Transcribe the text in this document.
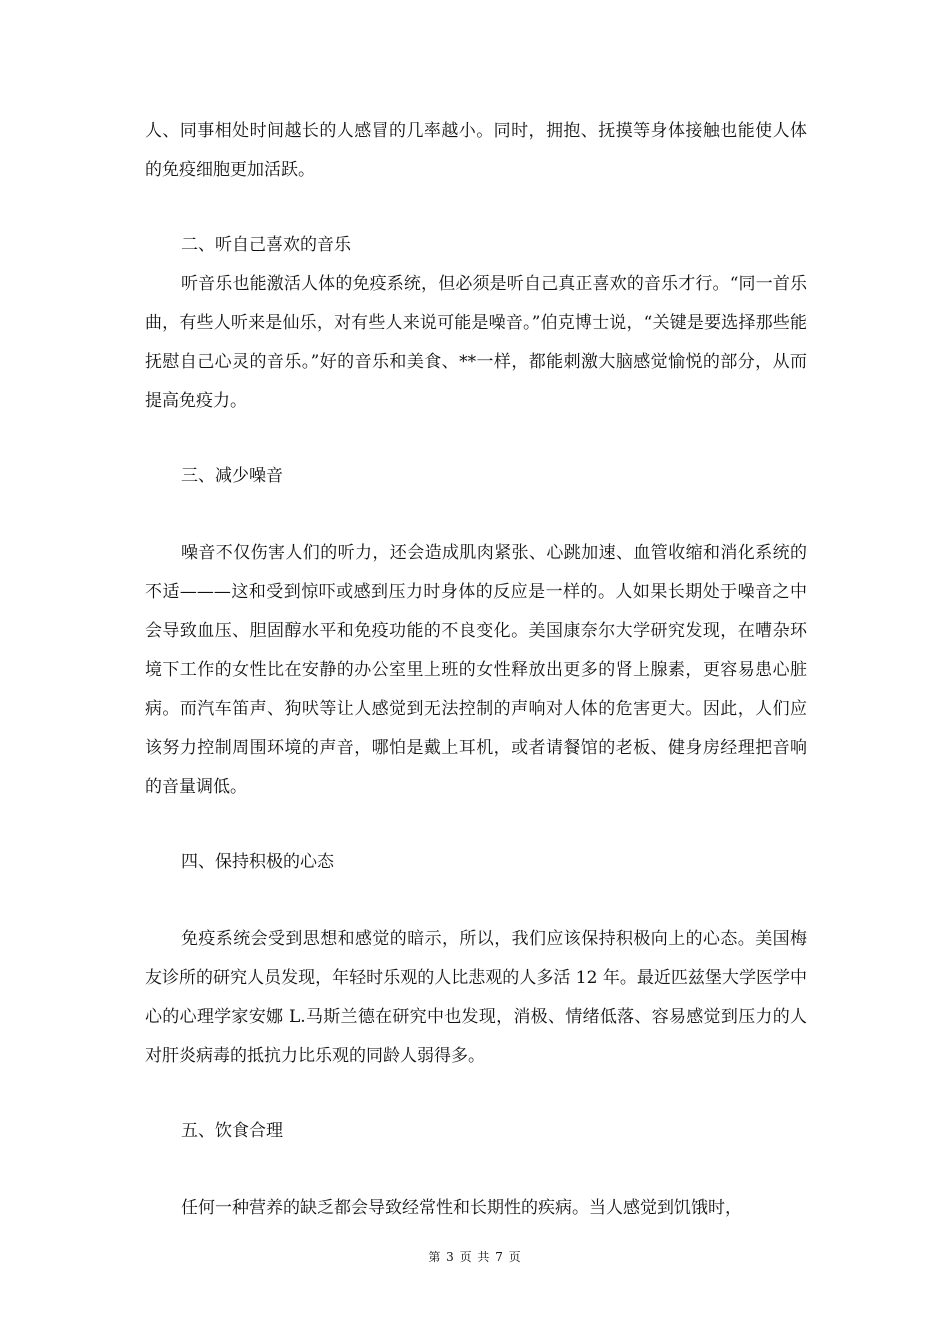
人、同事相处时间越长的人感冒的几率越小。同时，拥抱、抚摸等身体接触也能使人体的免疫细胞更加活跃。

二、听自己喜欢的音乐

听音乐也能激活人体的免疫系统，但必须是听自己真正喜欢的音乐才行。“同一首乐曲，有些人听来是仙乐，对有些人来说可能是噪音。”伯克博士说，“关键是要选择那些能抚慰自己心灵的音乐。”好的音乐和美食、**一样，都能刺激大脑感觉愉悦的部分，从而提高免疫力。

三、减少噪音

噪音不仅伤害人们的听力，还会造成肌肉紧张、心跳加速、血管收缩和消化系统的不适———这和受到惊吓或感到压力时身体的反应是一样的。人如果长期处于噪音之中会导致血压、胆固醇水平和免疫功能的不良变化。美国康奈尔大学研究发现，在嘈杂环境下工作的女性比在安静的办公室里上班的女性释放出更多的肾上腺素，更容易患心脏病。而汽车笛声、狗吠等让人感觉到无法控制的声响对人体的危害更大。因此，人们应该努力控制周围环境的声音，哪怕是戴上耳机，或者请餐馆的老板、健身房经理把音响的音量调低。

四、保持积极的心态

免疫系统会受到思想和感觉的暗示，所以，我们应该保持积极向上的心态。美国梅友诊所的研究人员发现，年轻时乐观的人比悲观的人多活 12 年。最近匹兹堡大学医学中心的心理学家安娜 L.马斯兰德在研究中也发现，消极、情绪低落、容易感觉到压力的人对肝炎病毒的抵抗力比乐观的同龄人弱得多。

五、饮食合理

任何一种营养的缺乏都会导致经常性和长期性的疾病。当人感觉到饥饿时，

第 3 页 共 7 页
